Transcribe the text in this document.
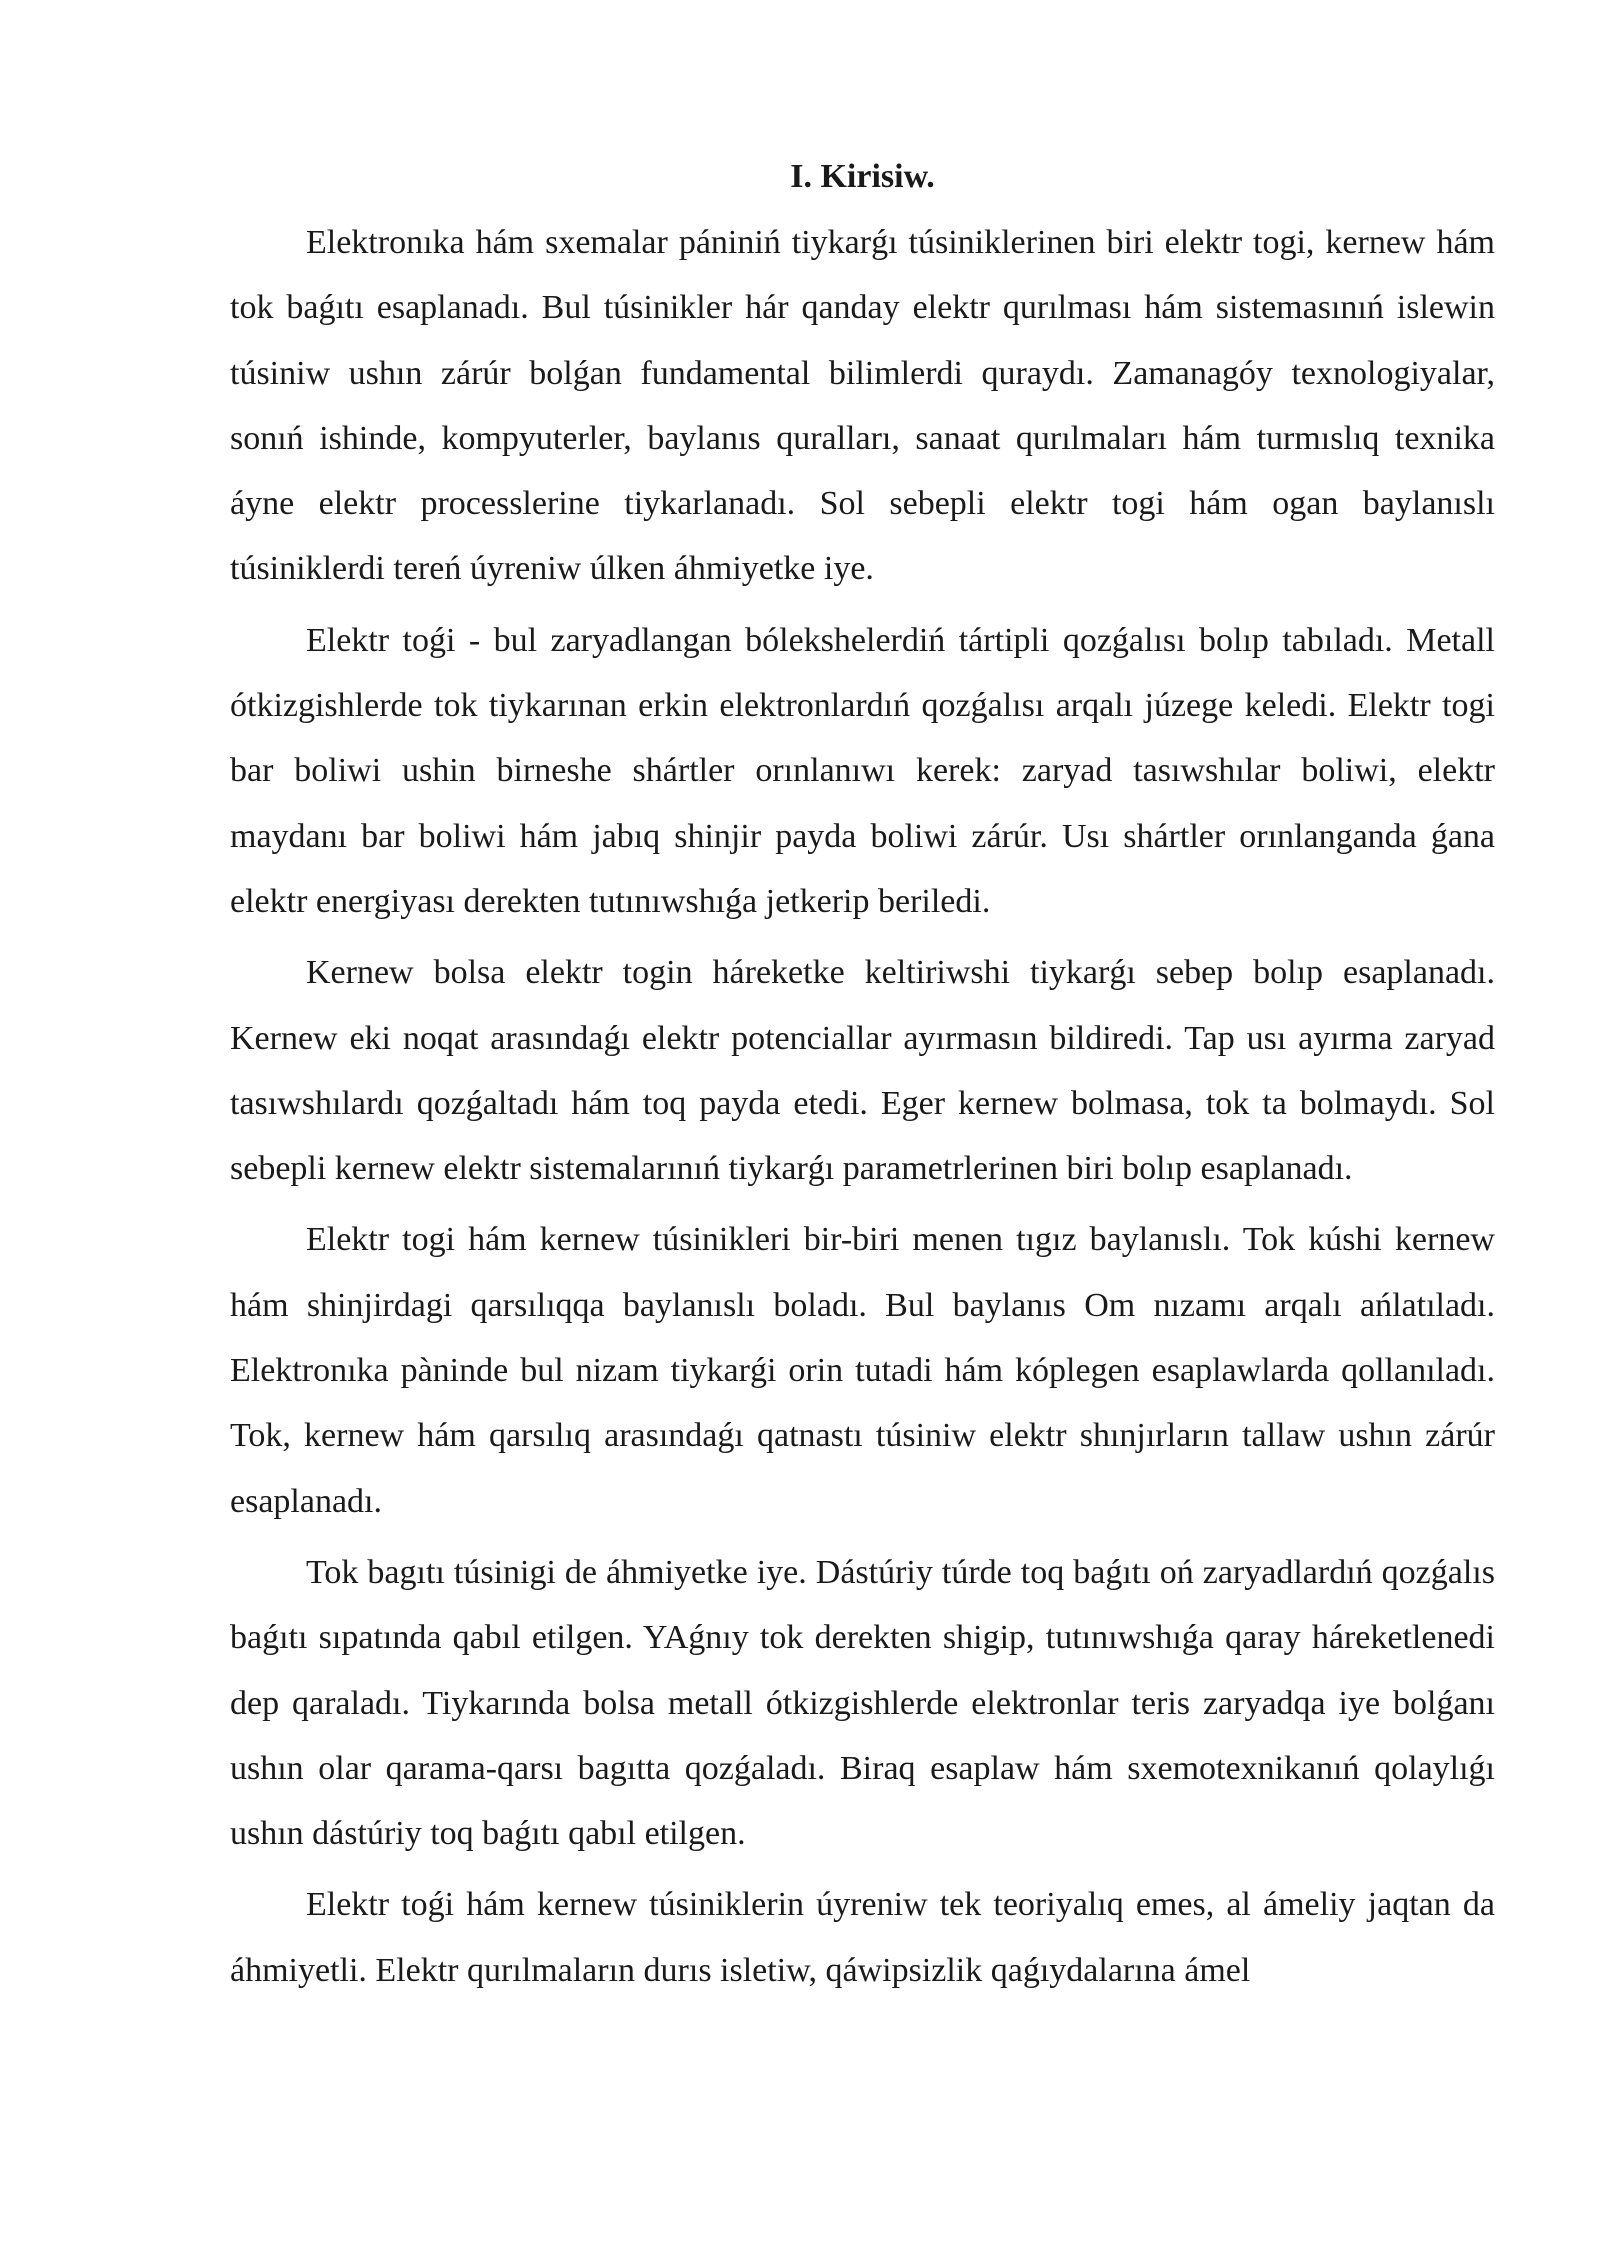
I. Kirisiw.

Elektronıka hám sxemalar pániniń tiykarǵı túsiniklerinen biri elektr togi, kernew hám tok baǵıtı esaplanadı. Bul túsinikler hár qanday elektr qurılması hám sistemasınıń islewin túsiniw ushın zárúr bolǵan fundamental bilimlerdi quraydı. Zamanagóy texnologiyalar, sonıń ishinde, kompyuterler, baylanıs quralları, sanaat qurılmaları hám turmıslıq texnika áyne elektr processlerine tiykarlanadı. Sol sebepli elektr togi hám ogan baylanıslı túsiniklerdi tereń úyreniw úlken áhmiyetke iye.

Elektr toǵi - bul zaryadlangan bólekshelerdiń tártipli qozǵalısı bolıp tabıladı. Metall ótkizgishlerde tok tiykarınan erkin elektronlardıń qozǵalısı arqalı júzege keledi. Elektr togi bar boliwi ushin birneshe shártler orınlanıwı kerek: zaryad tasıwshılar boliwi, elektr maydanı bar boliwi hám jabıq shinjir payda boliwi zárúr. Usı shártler orınlanganda ǵana elektr energiyası derekten tutınıwshıǵa jetkerip beriledi.

Kernew bolsa elektr togin háreketke keltiriwshi tiykarǵı sebep bolıp esaplanadı. Kernew eki noqat arasındaǵı elektr potenciallar ayırmasın bildiredi. Tap usı ayırma zaryad tasıwshılardı qozǵaltadı hám toq payda etedi. Eger kernew bolmasa, tok ta bolmaydı. Sol sebepli kernew elektr sistemalarınıń tiykarǵı parametrlerinen biri bolıp esaplanadı.

Elektr togi hám kernew túsinikleri bir-biri menen tıgız baylanıslı. Tok kúshi kernew hám shinjirdagi qarsılıqqa baylanıslı boladı. Bul baylanıs Om nızamı arqalı ańlatıladı. Elektronıka pàninde bul nizam tiykarǵi orin tutadi hám kóplegen esaplawlarda qollanıladı. Tok, kernew hám qarsılıq arasındaǵı qatnastı túsiniw elektr shınjırların tallaw ushın zárúr esaplanadı.

Tok bagıtı túsinigi de áhmiyetke iye. Dástúriy túrde toq baǵıtı oń zaryadlardıń qozǵalıs baǵıtı sıpatında qabıl etilgen. YAǵnıy tok derekten shigip, tutınıwshıǵa qaray háreketlenedi dep qaraladı. Tiykarında bolsa metall ótkizgishlerde elektronlar teris zaryadqa iye bolǵanı ushın olar qarama-qarsı bagıtta qozǵaladı. Biraq esaplaw hám sxemotexnikanıń qolaylıǵı ushın dástúriy toq baǵıtı qabıl etilgen.

Elektr toǵi hám kernew túsiniklerin úyreniw tek teoriyalıq emes, al ámeliy jaqtan da áhmiyetli. Elektr qurılmaların durıs isletiw, qáwipsizlik qaǵıydalarına ámel
